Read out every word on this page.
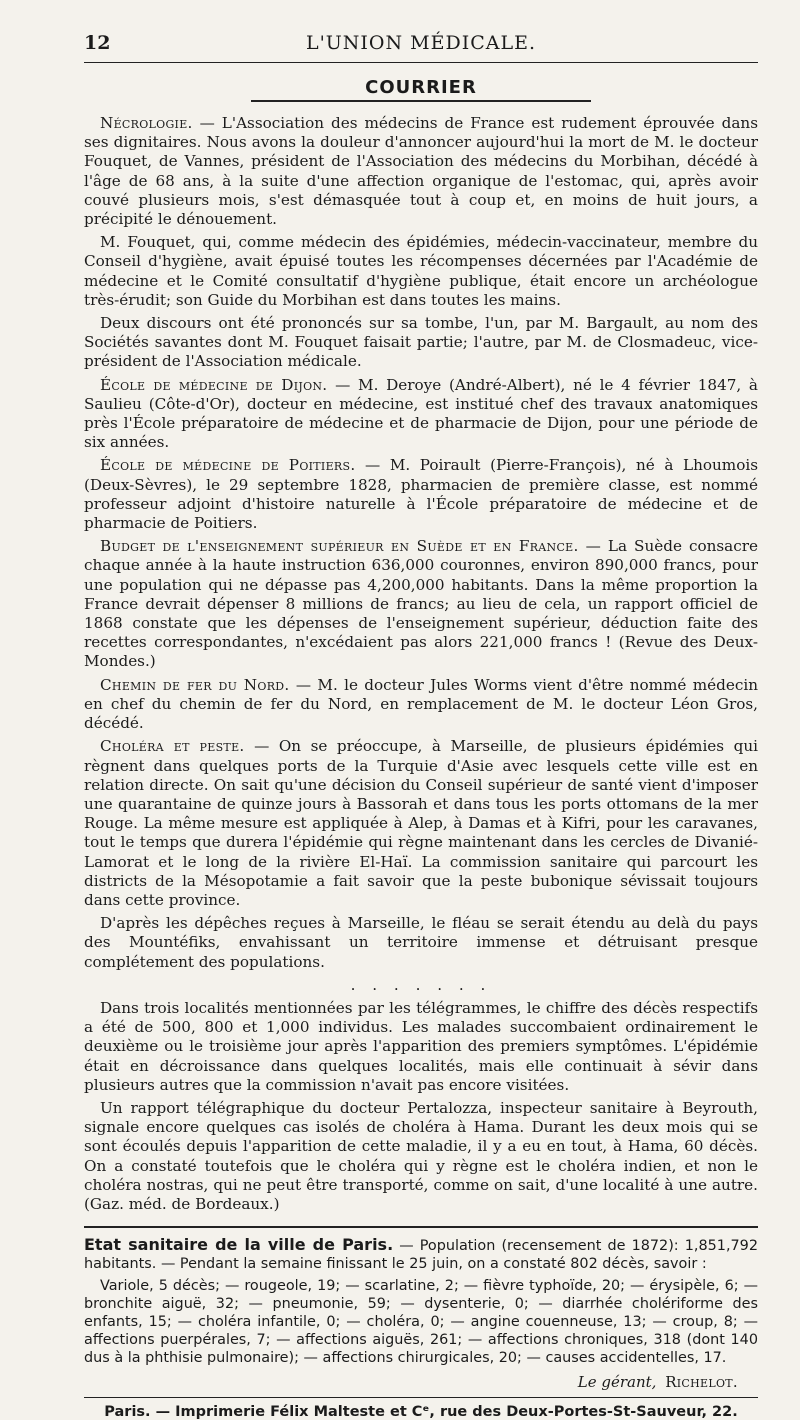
12	L'UNION MÉDICALE.
COURRIER

Nécrologie. — L'Association des médecins de France est rudement éprouvée dans ses dignitaires. Nous avons la douleur d'annoncer aujourd'hui la mort de M. le docteur Fouquet, de Vannes, président de l'Association des médecins du Morbihan, décédé à l'âge de 68 ans, à la suite d'une affection organique de l'estomac, qui, après avoir couvé plusieurs mois, s'est démasquée tout à coup et, en moins de huit jours, a précipité le dénouement.

M. Fouquet, qui, comme médecin des épidémies, médecin-vaccinateur, membre du Conseil d'hygiène, avait épuisé toutes les récompenses décernées par l'Académie de médecine et le Comité consultatif d'hygiène publique, était encore un archéologue très-érudit; son Guide du Morbihan est dans toutes les mains.

Deux discours ont été prononcés sur sa tombe, l'un, par M. Bargault, au nom des Sociétés savantes dont M. Fouquet faisait partie; l'autre, par M. de Closmadeuc, vice-président de l'Association médicale.

École de médecine de Dijon. — M. Deroye (André-Albert), né le 4 février 1847, à Saulieu (Côte-d'Or), docteur en médecine, est institué chef des travaux anatomiques près l'École préparatoire de médecine et de pharmacie de Dijon, pour une période de six années.

École de médecine de Poitiers. — M. Poirault (Pierre-François), né à Lhoumois (Deux-Sèvres), le 29 septembre 1828, pharmacien de première classe, est nommé professeur adjoint d'histoire naturelle à l'École préparatoire de médecine et de pharmacie de Poitiers.

Budget de l'enseignement supérieur en Suède et en France. — La Suède consacre chaque année à la haute instruction 636,000 couronnes, environ 890,000 francs, pour une population qui ne dépasse pas 4,200,000 habitants. Dans la même proportion la France devrait dépenser 8 millions de francs; au lieu de cela, un rapport officiel de 1868 constate que les dépenses de l'enseignement supérieur, déduction faite des recettes correspondantes, n'excédaient pas alors 221,000 francs ! (Revue des Deux-Mondes.)

Chemin de fer du Nord. — M. le docteur Jules Worms vient d'être nommé médecin en chef du chemin de fer du Nord, en remplacement de M. le docteur Léon Gros, décédé.

Choléra et peste. — On se préoccupe, à Marseille, de plusieurs épidémies qui règnent dans quelques ports de la Turquie d'Asie avec lesquels cette ville est en relation directe. On sait qu'une décision du Conseil supérieur de santé vient d'imposer une quarantaine de quinze jours à Bassorah et dans tous les ports ottomans de la mer Rouge. La même mesure est appliquée à Alep, à Damas et à Kifri, pour les caravanes, tout le temps que durera l'épidémie qui règne maintenant dans les cercles de Divanié-Lamorat et le long de la rivière El-Haï. La commission sanitaire qui parcourt les districts de la Mésopotamie a fait savoir que la peste bubonique sévissait toujours dans cette province.

D'après les dépêches reçues à Marseille, le fléau se serait étendu au delà du pays des Mountéfiks, envahissant un territoire immense et détruisant presque complétement des populations.

. . . . . . .

Dans trois localités mentionnées par les télégrammes, le chiffre des décès respectifs a été de 500, 800 et 1,000 individus. Les malades succombaient ordinairement le deuxième ou le troisième jour après l'apparition des premiers symptômes. L'épidémie était en décroissance dans quelques localités, mais elle continuait à sévir dans plusieurs autres que la commission n'avait pas encore visitées.

Un rapport télégraphique du docteur Pertalozza, inspecteur sanitaire à Beyrouth, signale encore quelques cas isolés de choléra à Hama. Durant les deux mois qui se sont écoulés depuis l'apparition de cette maladie, il y a eu en tout, à Hama, 60 décès. On a constaté toutefois que le choléra qui y règne est le choléra indien, et non le choléra nostras, qui ne peut être transporté, comme on sait, d'une localité à une autre. (Gaz. méd. de Bordeaux.)

Etat sanitaire de la ville de Paris. — Population (recensement de 1872): 1,851,792 habitants. — Pendant la semaine finissant le 25 juin, on a constaté 802 décès, savoir :

Variole, 5 décès; — rougeole, 19; — scarlatine, 2; — fièvre typhoïde, 20; — érysipèle, 6; — bronchite aiguë, 32; — pneumonie, 59; — dysenterie, 0; — diarrhée cholériforme des enfants, 15; — choléra infantile, 0; — choléra, 0; — angine couenneuse, 13; — croup, 8; — affections puerpérales, 7; — affections aiguës, 261; — affections chroniques, 318 (dont 140 dus à la phthisie pulmonaire); — affections chirurgicales, 20; — causes accidentelles, 17.

Le gérant, Richelot.
Paris. — Imprimerie Félix Malteste et Cᵉ, rue des Deux-Portes-St-Sauveur, 22.
